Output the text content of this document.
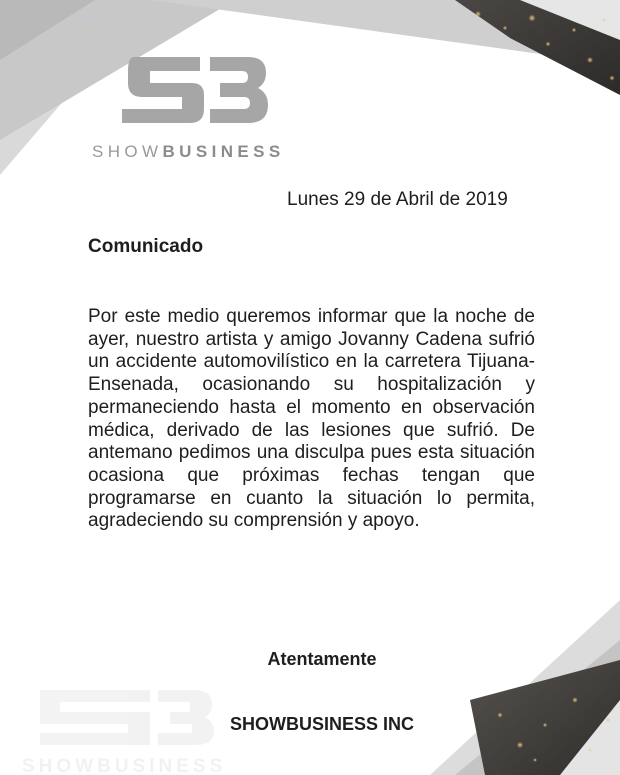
SHOWBUSINESS
SHOWBUSINESS
Lunes 29 de Abril de 2019
Comunicado
Por este medio queremos informar que la noche de ayer, nuestro artista y amigo Jovanny Cadena sufrió un accidente automovilístico en la carretera Tijuana-Ensenada, ocasionando su hospitalización y permaneciendo hasta el momento en observación médica, derivado de las lesiones que sufrió. De antemano pedimos una disculpa pues esta situación ocasiona que próximas fechas tengan que programarse en cuanto la situación lo permita, agradeciendo su comprensión y apoyo.
Atentamente
SHOWBUSINESS INC
